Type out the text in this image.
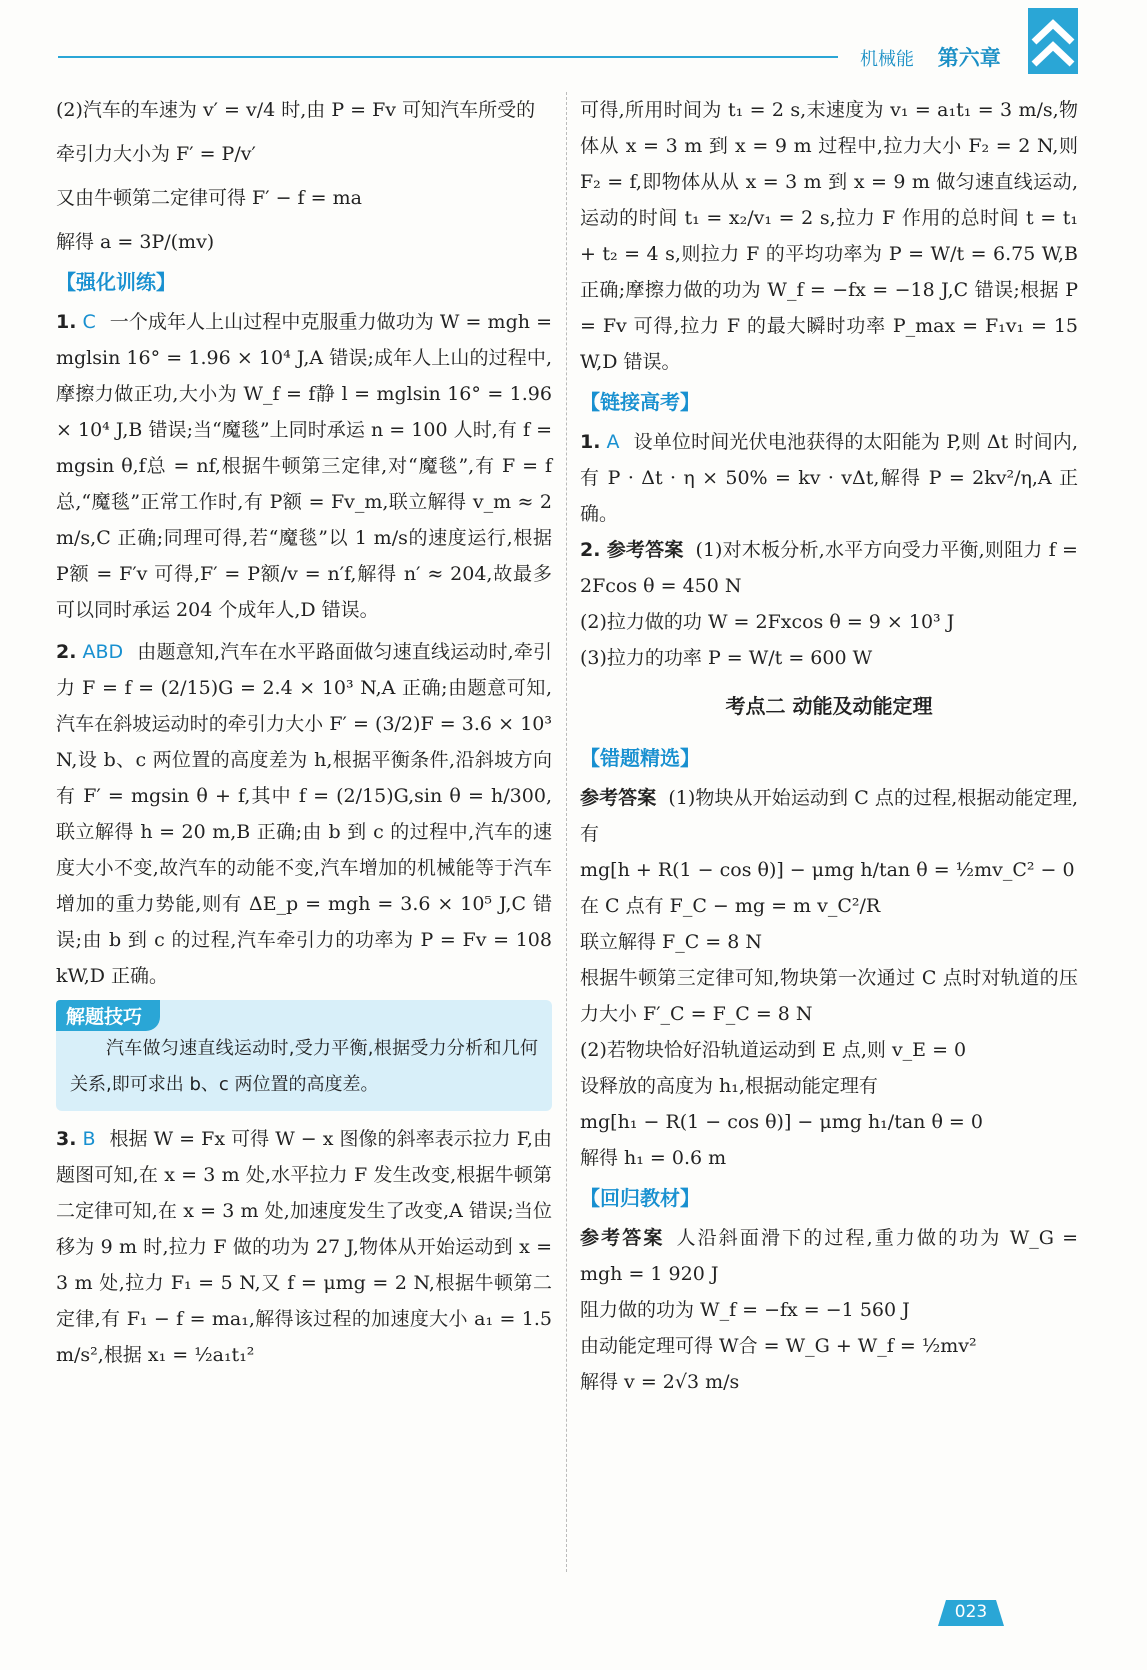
机械能 第六章

(2)汽车的车速为 v′ = v/4 时,由 P = Fv 可知汽车所受的

牵引力大小为 F′ = P/v′

又由牛顿第二定律可得 F′ − f = ma

解得 a = 3P/(mv)

【强化训练】

1. C 一个成年人上山过程中克服重力做功为 W = mgh = mglsin 16° = 1.96 × 10⁴ J,A 错误;成年人上山的过程中,摩擦力做正功,大小为 W_f = f静 l = mglsin 16° = 1.96 × 10⁴ J,B 错误;当“魔毯”上同时承运 n = 100 人时,有 f = mgsin θ,f总 = nf,根据牛顿第三定律,对“魔毯”,有 F = f总,“魔毯”正常工作时,有 P额 = Fv_m,联立解得 v_m ≈ 2 m/s,C 正确;同理可得,若“魔毯”以 1 m/s的速度运行,根据 P额 = F′v 可得,F′ = P额/v = n′f,解得 n′ ≈ 204,故最多可以同时承运 204 个成年人,D 错误。

2. ABD 由题意知,汽车在水平路面做匀速直线运动时,牵引力 F = f = (2/15)G = 2.4 × 10³ N,A 正确;由题意可知,汽车在斜坡运动时的牵引力大小 F′ = (3/2)F = 3.6 × 10³ N,设 b、c 两位置的高度差为 h,根据平衡条件,沿斜坡方向有 F′ = mgsin θ + f,其中 f = (2/15)G,sin θ = h/300,联立解得 h = 20 m,B 正确;由 b 到 c 的过程中,汽车的速度大小不变,故汽车的动能不变,汽车增加的机械能等于汽车增加的重力势能,则有 ΔE_p = mgh = 3.6 × 10⁵ J,C 错误;由 b 到 c 的过程,汽车牵引力的功率为 P = Fv = 108 kW,D 正确。

解题技巧

汽车做匀速直线运动时,受力平衡,根据受力分析和几何关系,即可求出 b、c 两位置的高度差。

3. B 根据 W = Fx 可得 W − x 图像的斜率表示拉力 F,由题图可知,在 x = 3 m 处,水平拉力 F 发生改变,根据牛顿第二定律可知,在 x = 3 m 处,加速度发生了改变,A 错误;当位移为 9 m 时,拉力 F 做的功为 27 J,物体从开始运动到 x = 3 m 处,拉力 F₁ = 5 N,又 f = μmg = 2 N,根据牛顿第二定律,有 F₁ − f = ma₁,解得该过程的加速度大小 a₁ = 1.5 m/s²,根据 x₁ = ½a₁t₁²

可得,所用时间为 t₁ = 2 s,末速度为 v₁ = a₁t₁ = 3 m/s,物体从 x = 3 m 到 x = 9 m 过程中,拉力大小 F₂ = 2 N,则 F₂ = f,即物体从从 x = 3 m 到 x = 9 m 做匀速直线运动,运动的时间 t₁ = x₂/v₁ = 2 s,拉力 F 作用的总时间 t = t₁ + t₂ = 4 s,则拉力 F 的平均功率为 P = W/t = 6.75 W,B 正确;摩擦力做的功为 W_f = −fx = −18 J,C 错误;根据 P = Fv 可得,拉力 F 的最大瞬时功率 P_max = F₁v₁ = 15 W,D 错误。

【链接高考】

1. A 设单位时间光伏电池获得的太阳能为 P,则 Δt 时间内,有 P · Δt · η × 50% = kv · vΔt,解得 P = 2kv²/η,A 正确。

2. 参考答案 (1)对木板分析,水平方向受力平衡,则阻力 f = 2Fcos θ = 450 N

(2)拉力做的功 W = 2Fxcos θ = 9 × 10³ J

(3)拉力的功率 P = W/t = 600 W

考点二 动能及动能定理
【错题精选】

参考答案 (1)物块从开始运动到 C 点的过程,根据动能定理,有

mg[h + R(1 − cos θ)] − μmg h/tan θ = ½mv_C² − 0

在 C 点有 F_C − mg = m v_C²/R

联立解得 F_C = 8 N

根据牛顿第三定律可知,物块第一次通过 C 点时对轨道的压力大小 F′_C = F_C = 8 N

(2)若物块恰好沿轨道运动到 E 点,则 v_E = 0

设释放的高度为 h₁,根据动能定理有

mg[h₁ − R(1 − cos θ)] − μmg h₁/tan θ = 0

解得 h₁ = 0.6 m

【回归教材】

参考答案 人沿斜面滑下的过程,重力做的功为 W_G = mgh = 1 920 J

阻力做的功为 W_f = −fx = −1 560 J

由动能定理可得 W合 = W_G + W_f = ½mv²

解得 v = 2√3 m/s

023
